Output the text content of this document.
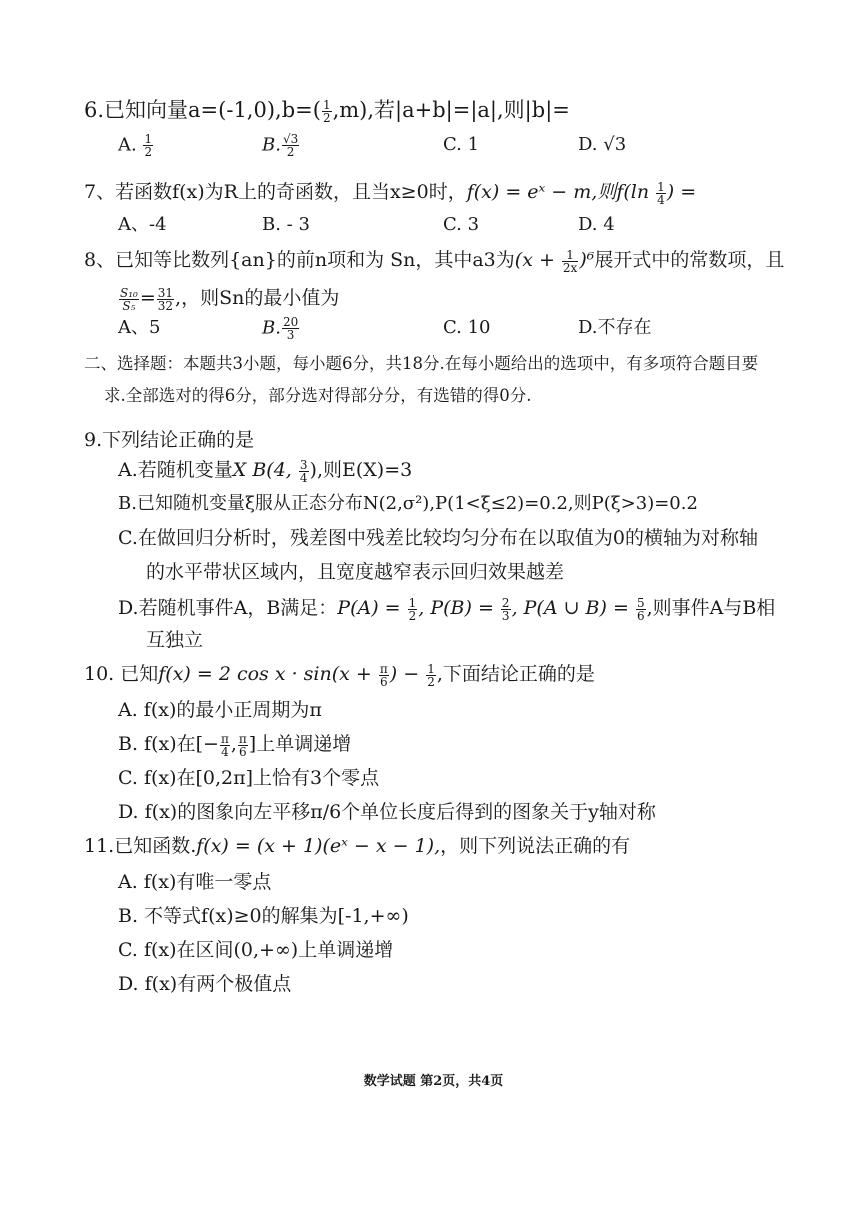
6.已知向量$a=(-1,0),b=( \frac{1}{2} ,m)$,若|a+b|=|a|,则|b|=
A. $\frac{1}{2}$	B. $\frac{√3}{2}$	C. 1	D. √3
7、若函数f(x)为R上的奇函数，且当x≥0时，f(x) = eˣ − m,则$f(\ln \frac{1}{4}$ ) =
A、-4	B. - 3	C. 3	D. 4
8、已知等比数列{an}的前n项和为 Sn，其中a3为$(x + \frac{1}{2x} )^6$展开式中的常数项，且
$\frac{\text{S₁₀}}{\text{S₅}} = \frac{31}{32}$ ,，则Sn的最小值为
A、5	B. $\frac{20}{3}$	C. 10	D.不存在
二、选择题：本题共3小题，每小题6分，共18分.在每小题给出的选项中，有多项符合题目要
求.全部选对的得6分，部分选对得部分分，有选错的得0分.
9.下列结论正确的是
A.若随机变量X B(4, $\frac{3}{4}$ ),则E(X)=3
B.已知随机变量ξ服从正态分布N(2,σ²),P(1<ξ≤2)=0.2,则P(ξ>3)=0.2
C.在做回归分析时，残差图中残差比较均匀分布在以取值为0的横轴为对称轴
的水平带状区域内，且宽度越窄表示回归效果越差
D.若随机事件A，B满足：$P(A) = \frac{1}{2}$ , $P(B) = \frac{2}{3}$ , P(A ∪ $B) = \frac{5}{6}$ ,则事件A与B相
互独立
10. 已知f(x) = 2 $\cos x \cdot \sin(x + \frac{\pi}{6}$ ) − $\frac{1}{2}$ ,下面结论正确的是
A. f(x)的最小正周期为π
B. f(x)在[− $\frac{\pi}{4}$ , $\frac{\pi}{6}$ ]上单调递增
C. f(x)在[0,2π]上恰有3个零点
D. f(x)的图象向左平移π/6个单位长度后得到的图象关于y轴对称
11.已知函数.f(x) = (x + 1)(eˣ − x − 1),，则下列说法正确的有
A. f(x)有唯一零点
B. 不等式f(x)≥0的解集为[-1,+∞)
C. f(x)在区间(0,+∞)上单调递增
D. f(x)有两个极值点
数学试题 第2页，共4页
